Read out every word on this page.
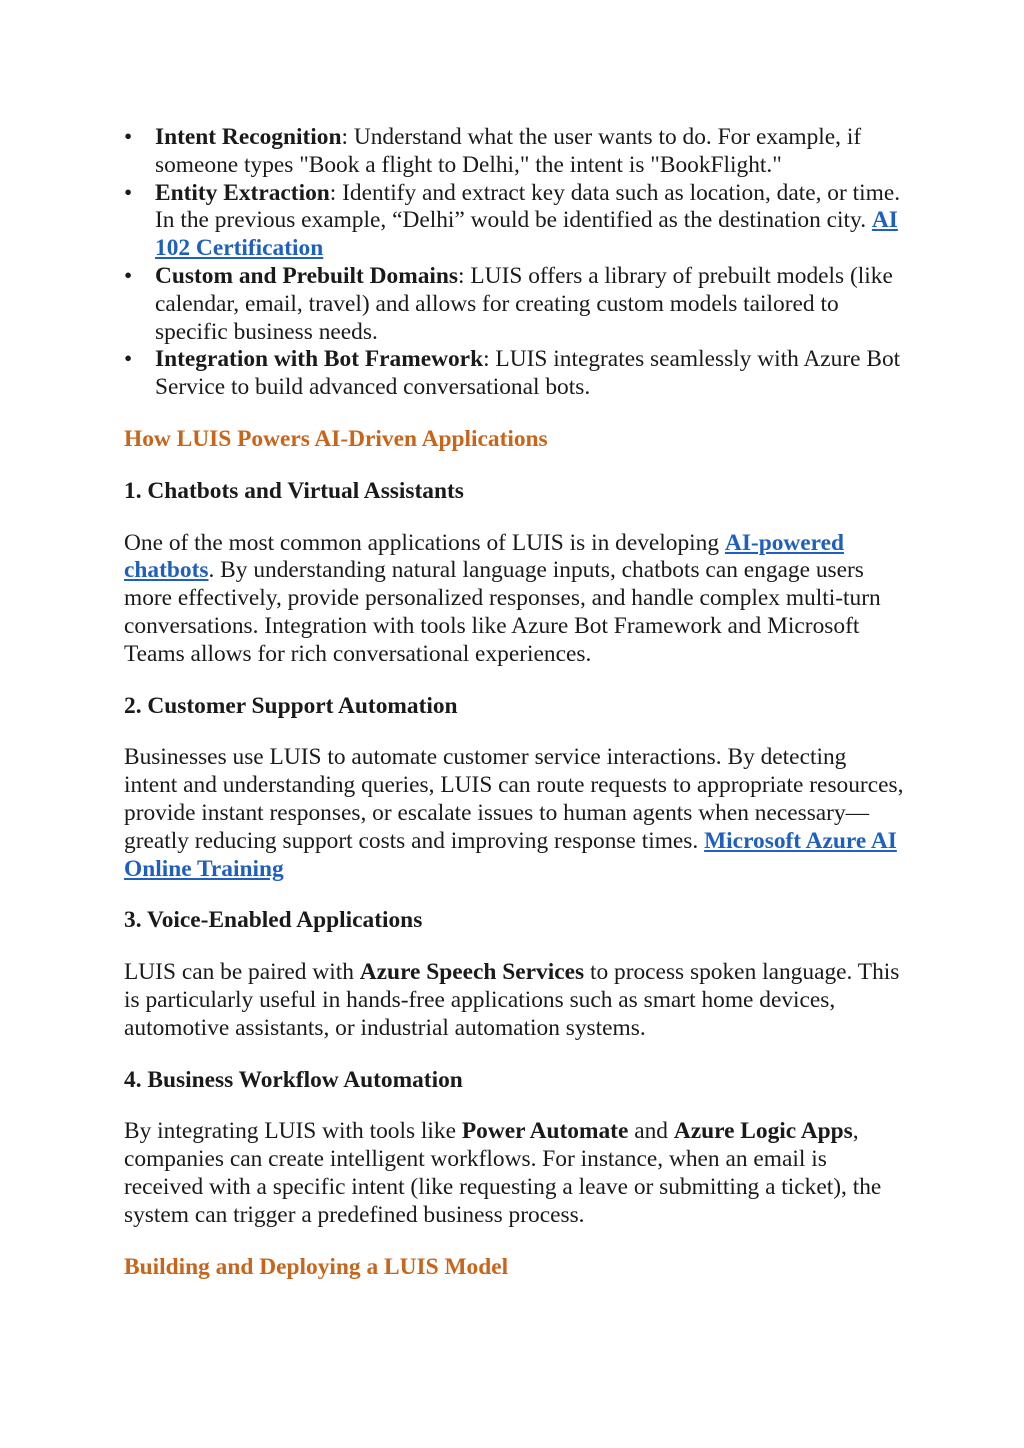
• Intent Recognition: Understand what the user wants to do. For example, if someone types "Book a flight to Delhi," the intent is "BookFlight."
• Entity Extraction: Identify and extract key data such as location, date, or time. In the previous example, “Delhi” would be identified as the destination city. AI 102 Certification
• Custom and Prebuilt Domains: LUIS offers a library of prebuilt models (like calendar, email, travel) and allows for creating custom models tailored to specific business needs.
• Integration with Bot Framework: LUIS integrates seamlessly with Azure Bot Service to build advanced conversational bots.
How LUIS Powers AI-Driven Applications
1. Chatbots and Virtual Assistants

One of the most common applications of LUIS is in developing AI-powered chatbots. By understanding natural language inputs, chatbots can engage users more effectively, provide personalized responses, and handle complex multi-turn conversations. Integration with tools like Azure Bot Framework and Microsoft Teams allows for rich conversational experiences.

2. Customer Support Automation

Businesses use LUIS to automate customer service interactions. By detecting intent and understanding queries, LUIS can route requests to appropriate resources, provide instant responses, or escalate issues to human agents when necessary—greatly reducing support costs and improving response times. Microsoft Azure AI Online Training

3. Voice-Enabled Applications

LUIS can be paired with Azure Speech Services to process spoken language. This is particularly useful in hands-free applications such as smart home devices, automotive assistants, or industrial automation systems.

4. Business Workflow Automation

By integrating LUIS with tools like Power Automate and Azure Logic Apps, companies can create intelligent workflows. For instance, when an email is received with a specific intent (like requesting a leave or submitting a ticket), the system can trigger a predefined business process.

Building and Deploying a LUIS Model
